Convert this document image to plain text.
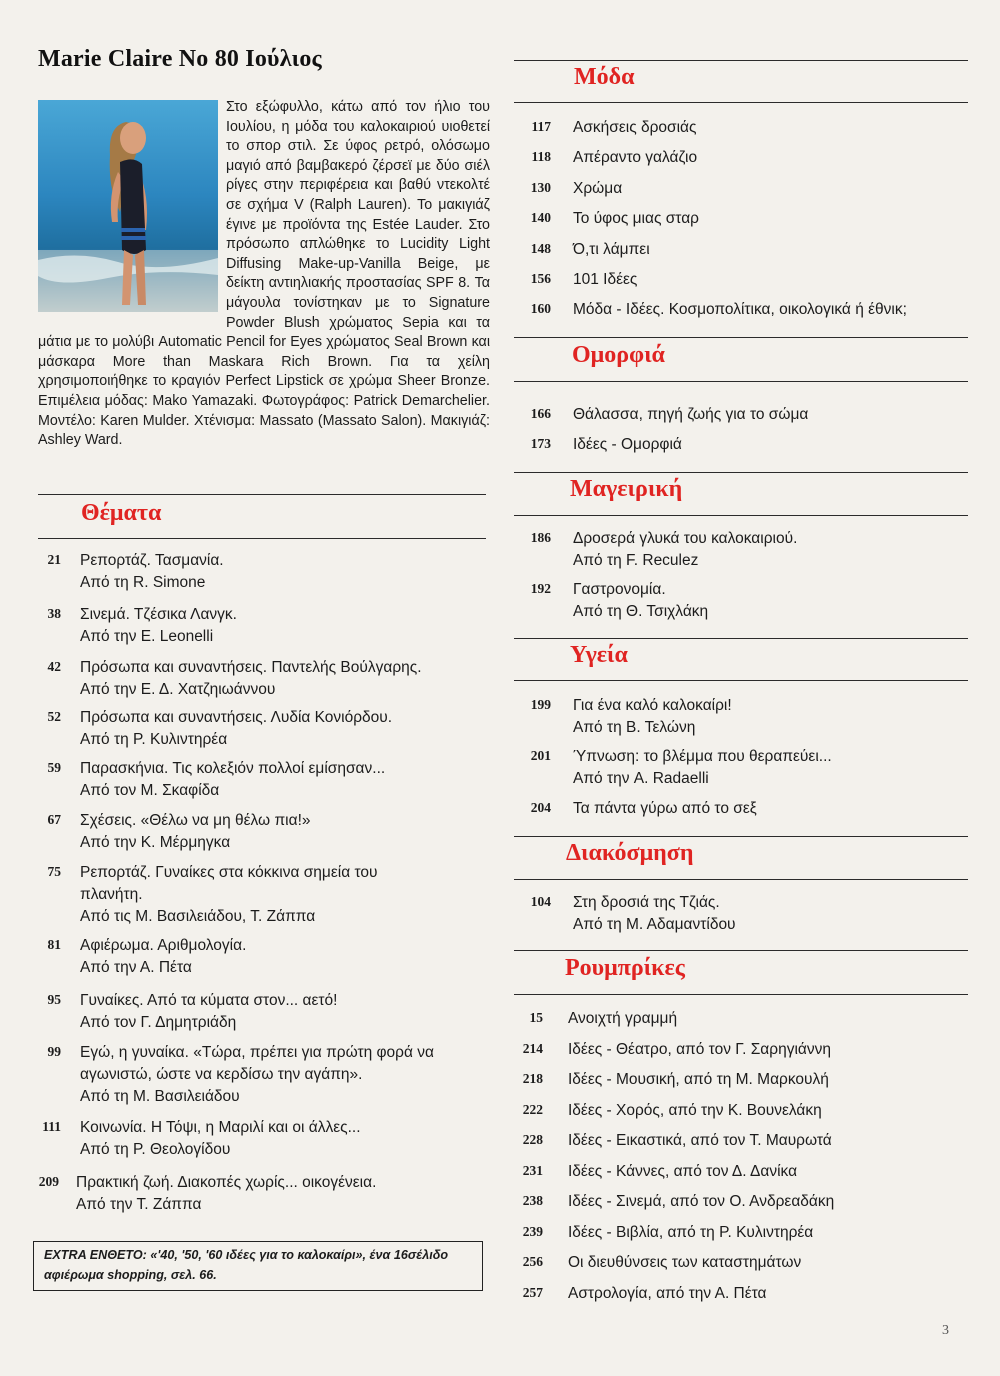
Marie Claire No 80 Ιούλιος
Στο εξώφυλλο, κάτω από τον ήλιο του Ιουλίου, η μόδα του καλοκαιριού υιοθετεί το σπορ στιλ. Σε ύφος ρετρό, ολόσωμο μαγιό από βαμβακερό ζέρσεϊ με δύο σιέλ ρίγες στην περιφέρεια και βαθύ ντεκολτέ σε σχήμα V (Ralph Lauren). Το μακιγιάζ έγινε με προϊόντα της Estée Lauder. Στο πρόσωπο απλώθηκε το Lucidity Light Diffusing Make-up-Vanilla Beige, με δείκτη αντιηλιακής προστασίας SPF 8. Τα μάγουλα τονίστηκαν με το Signature Powder Blush χρώματος Sepia και τα μάτια με το μολύβι Automatic Pencil for Eyes χρώματος Seal Brown και μάσκαρα More than Maskara Rich Brown. Για τα χείλη χρησιμοποιήθηκε το κραγιόν Perfect Lipstick σε χρώμα Sheer Bronze. Επιμέλεια μόδας: Mako Yamazaki. Φωτογράφος: Patrick Demarchelier. Μοντέλο: Karen Mulder. Χτένισμα: Massato (Massato Salon). Μακιγιάζ: Ashley Ward.
Θέματα
21 Ρεπορτάζ. Τασμανία.
Από τη R. Simone
38 Σινεμά. Τζέσικα Λανγκ.
Από την E. Leonelli
42 Πρόσωπα και συναντήσεις. Παντελής Βούλγαρης.
Από την Ε. Δ. Χατζηιωάννου
52 Πρόσωπα και συναντήσεις. Λυδία Κονιόρδου.
Από τη Ρ. Κυλιντηρέα
59 Παρασκήνια. Τις κολεξιόν πολλοί εμίσησαν...
Από τον Μ. Σκαφίδα
67 Σχέσεις. «Θέλω να μη θέλω πια!»
Από την Κ. Μέρμηγκα
75 Ρεπορτάζ. Γυναίκες στα κόκκινα σημεία του πλανήτη.
Από τις Μ. Βασιλειάδου, Τ. Ζάππα
81 Αφιέρωμα. Αριθμολογία.
Από την Α. Πέτα
95 Γυναίκες. Από τα κύματα στον... αετό!
Από τον Γ. Δημητριάδη
99 Εγώ, η γυναίκα. «Τώρα, πρέπει για πρώτη φορά να αγωνιστώ, ώστε να κερδίσω την αγάπη».
Από τη Μ. Βασιλειάδου
111 Κοινωνία. Η Τόψι, η Μαριλί και οι άλλες...
Από τη Ρ. Θεολογίδου
209 Πρακτική ζωή. Διακοπές χωρίς... οικογένεια.
Από την Τ. Ζάππα
EXTRA ΕΝΘΕΤΟ: «'40, '50, '60 ιδέες για το καλοκαίρι», ένα 16σέλιδο αφιέρωμα shopping, σελ. 66.
Μόδα
117 Ασκήσεις δροσιάς
118 Απέραντο γαλάζιο
130 Χρώμα
140 Το ύφος μιας σταρ
148 Ό,τι λάμπει
156 101 Ιδέες
160 Μόδα - Ιδέες. Κοσμοπολίτικα, οικολογικά ή έθνικ;
Ομορφιά
166 Θάλασσα, πηγή ζωής για το σώμα
173 Ιδέες - Ομορφιά
Μαγειρική
186 Δροσερά γλυκά του καλοκαιριού.
Από τη F. Reculez
192 Γαστρονομία.
Από τη Θ. Τσιχλάκη
Υγεία
199 Για ένα καλό καλοκαίρι!
Από τη Β. Τελώνη
201 Ύπνωση: το βλέμμα που θεραπεύει...
Από την A. Radaelli
204 Τα πάντα γύρω από το σεξ
Διακόσμηση
104 Στη δροσιά της Τζιάς.
Από τη Μ. Αδαμαντίδου
Ρουμπρίκες
15 Ανοιχτή γραμμή
214 Ιδέες - Θέατρο, από τον Γ. Σαρηγιάννη
218 Ιδέες - Μουσική, από τη Μ. Μαρκουλή
222 Ιδέες - Χορός, από την Κ. Βουνελάκη
228 Ιδέες - Εικαστικά, από τον Τ. Μαυρωτά
231 Ιδέες - Κάννες, από τον Δ. Δανίκα
238 Ιδέες - Σινεμά, από τον Ο. Ανδρεαδάκη
239 Ιδέες - Βιβλία, από τη Ρ. Κυλιντηρέα
256 Οι διευθύνσεις των καταστημάτων
257 Αστρολογία, από την Α. Πέτα
3
